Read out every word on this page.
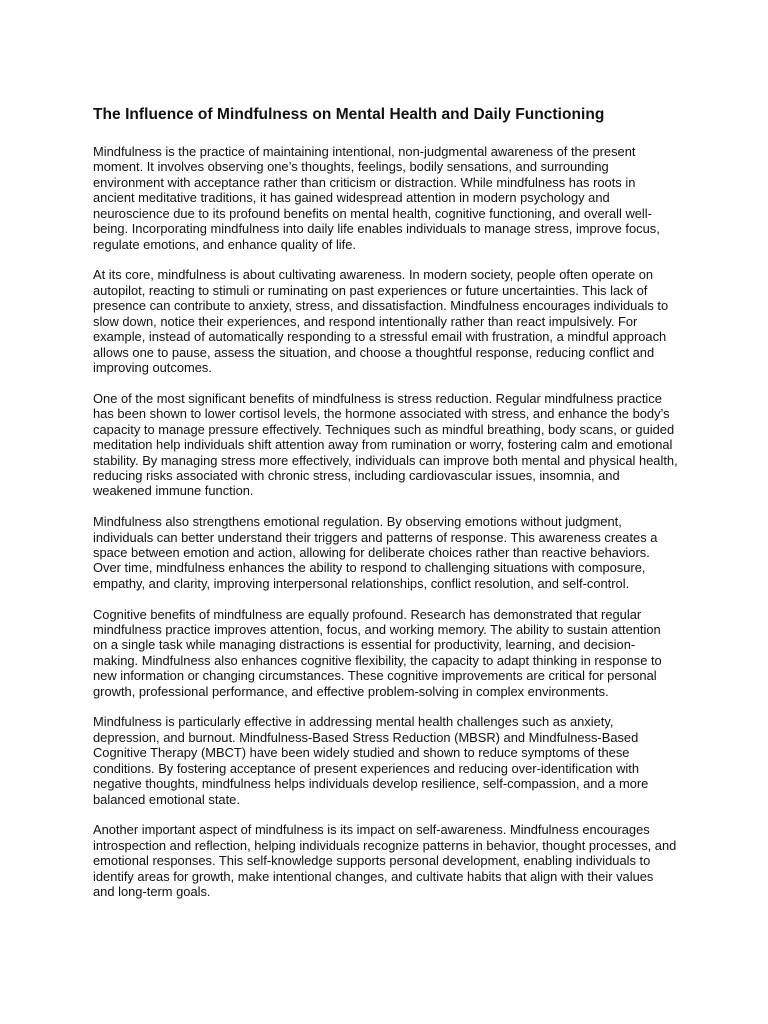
The Influence of Mindfulness on Mental Health and Daily Functioning

Mindfulness is the practice of maintaining intentional, non-judgmental awareness of the present moment. It involves observing one’s thoughts, feelings, bodily sensations, and surrounding environment with acceptance rather than criticism or distraction. While mindfulness has roots in ancient meditative traditions, it has gained widespread attention in modern psychology and neuroscience due to its profound benefits on mental health, cognitive functioning, and overall well-being. Incorporating mindfulness into daily life enables individuals to manage stress, improve focus, regulate emotions, and enhance quality of life.

At its core, mindfulness is about cultivating awareness. In modern society, people often operate on autopilot, reacting to stimuli or ruminating on past experiences or future uncertainties. This lack of presence can contribute to anxiety, stress, and dissatisfaction. Mindfulness encourages individuals to slow down, notice their experiences, and respond intentionally rather than react impulsively. For example, instead of automatically responding to a stressful email with frustration, a mindful approach allows one to pause, assess the situation, and choose a thoughtful response, reducing conflict and improving outcomes.

One of the most significant benefits of mindfulness is stress reduction. Regular mindfulness practice has been shown to lower cortisol levels, the hormone associated with stress, and enhance the body’s capacity to manage pressure effectively. Techniques such as mindful breathing, body scans, or guided meditation help individuals shift attention away from rumination or worry, fostering calm and emotional stability. By managing stress more effectively, individuals can improve both mental and physical health, reducing risks associated with chronic stress, including cardiovascular issues, insomnia, and weakened immune function.

Mindfulness also strengthens emotional regulation. By observing emotions without judgment, individuals can better understand their triggers and patterns of response. This awareness creates a space between emotion and action, allowing for deliberate choices rather than reactive behaviors. Over time, mindfulness enhances the ability to respond to challenging situations with composure, empathy, and clarity, improving interpersonal relationships, conflict resolution, and self-control.

Cognitive benefits of mindfulness are equally profound. Research has demonstrated that regular mindfulness practice improves attention, focus, and working memory. The ability to sustain attention on a single task while managing distractions is essential for productivity, learning, and decision-making. Mindfulness also enhances cognitive flexibility, the capacity to adapt thinking in response to new information or changing circumstances. These cognitive improvements are critical for personal growth, professional performance, and effective problem-solving in complex environments.

Mindfulness is particularly effective in addressing mental health challenges such as anxiety, depression, and burnout. Mindfulness-Based Stress Reduction (MBSR) and Mindfulness-Based Cognitive Therapy (MBCT) have been widely studied and shown to reduce symptoms of these conditions. By fostering acceptance of present experiences and reducing over-identification with negative thoughts, mindfulness helps individuals develop resilience, self-compassion, and a more balanced emotional state.

Another important aspect of mindfulness is its impact on self-awareness. Mindfulness encourages introspection and reflection, helping individuals recognize patterns in behavior, thought processes, and emotional responses. This self-knowledge supports personal development, enabling individuals to identify areas for growth, make intentional changes, and cultivate habits that align with their values and long-term goals.
